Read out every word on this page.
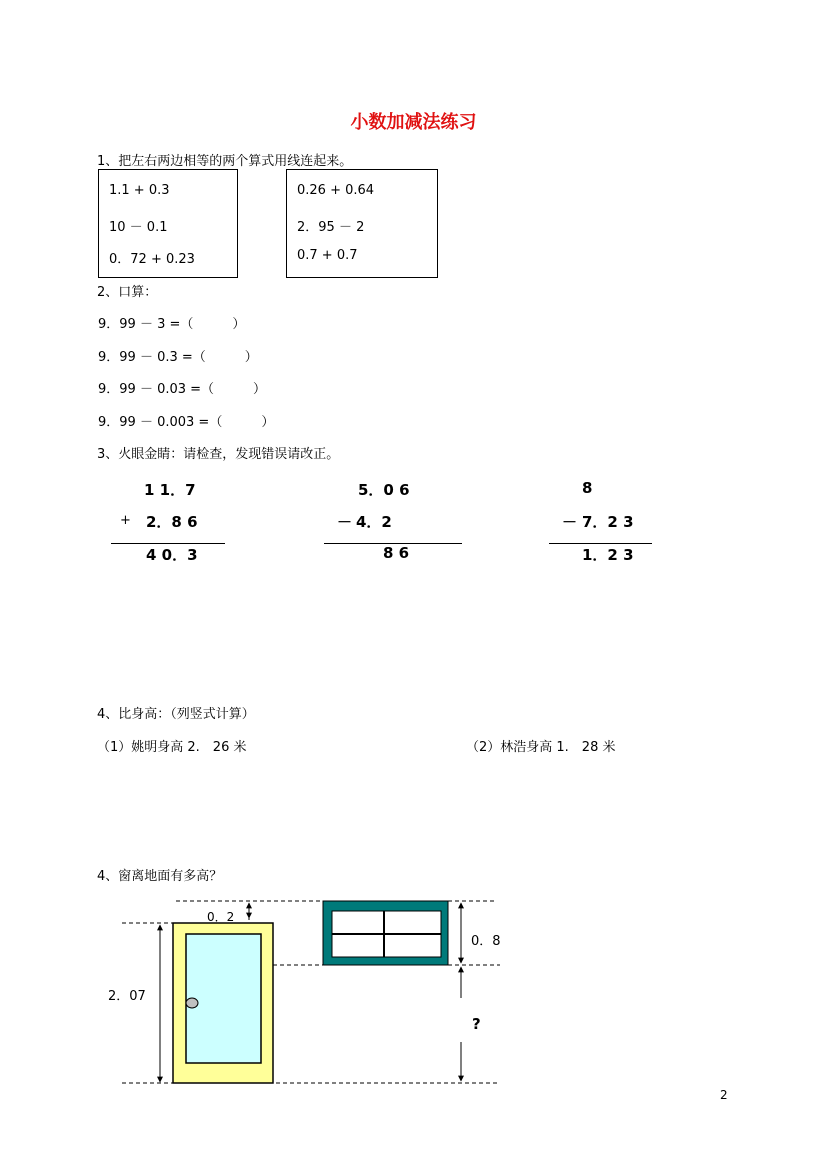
小数加减法练习
1、把左右两边相等的两个算式用线连起来。
1.1 + 0.3
10 － 0.1
0．72 + 0.23
0.26 + 0.64
2．95 － 2
0.7 + 0.7
2、口算：
9．99 － 3 =（　　　）
9．99 － 0.3 =（　　　）
9．99 － 0.03 =（　　　）
9．99 － 0.003 =（　　　）
3、火眼金睛：请检查，发现错误请改正。
1 1．7
+ 2．8 6
4 0．3
5．0 6
－ 4．2
8 6
8
－ 7．2 3
1．2 3
4、比身高：（列竖式计算）
（1）姚明身高 2.　26 米	（2）林浩身高 1.　28 米
4、窗离地面有多高？
0．2
2．07
0．8
?
2
